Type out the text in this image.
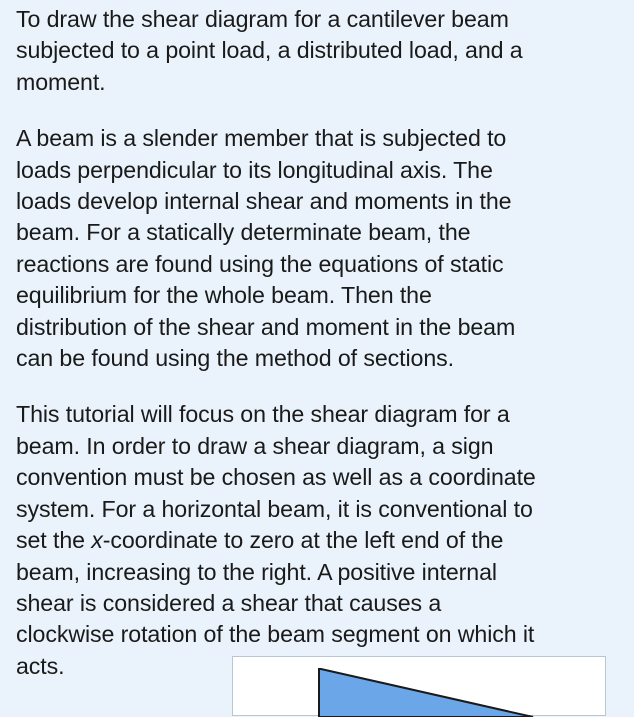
To draw the shear diagram for a cantilever beam
subjected to a point load, a distributed load, and a
moment.

A beam is a slender member that is subjected to
loads perpendicular to its longitudinal axis. The
loads develop internal shear and moments in the
beam. For a statically determinate beam, the
reactions are found using the equations of static
equilibrium for the whole beam. Then the
distribution of the shear and moment in the beam
can be found using the method of sections.

This tutorial will focus on the shear diagram for a
beam. In order to draw a shear diagram, a sign
convention must be chosen as well as a coordinate
system. For a horizontal beam, it is conventional to
set the x-coordinate to zero at the left end of the
beam, increasing to the right. A positive internal
shear is considered a shear that causes a
clockwise rotation of the beam segment on which it
acts.
